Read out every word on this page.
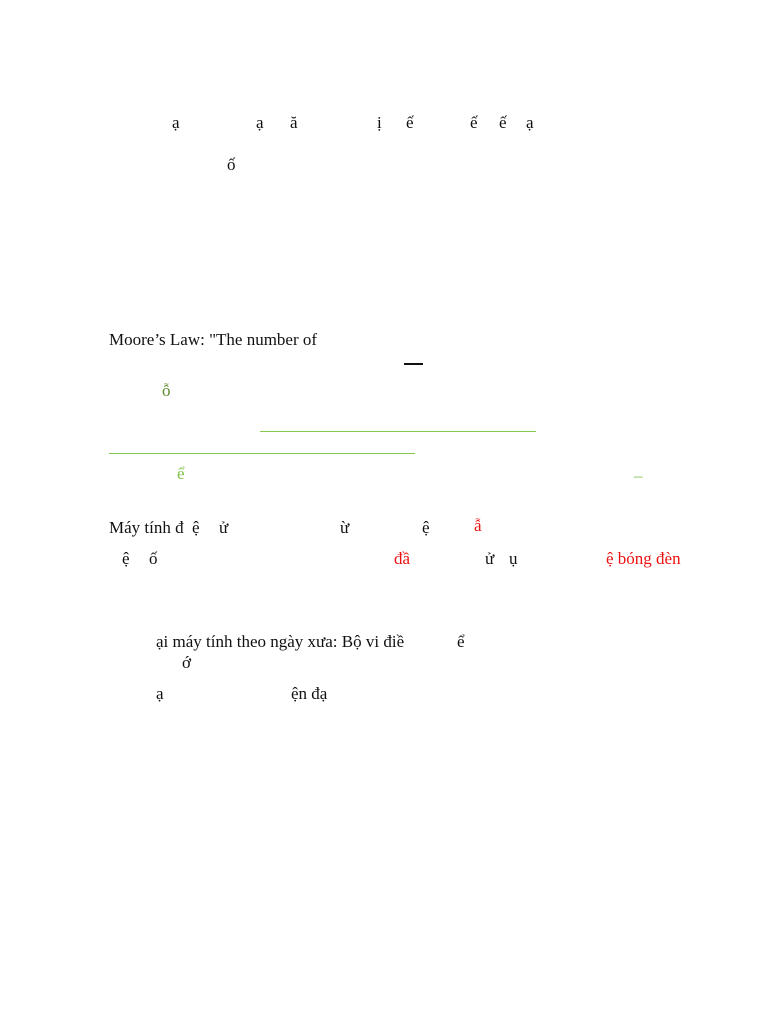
ạ	ạ ă	ị ế	ế ế ạ
ố
Moore’s Law: "The number of
ỗ
ể	–
Máy tính đ ệ ử	ừ	ệ	ẫ
ệ ố	đầ	ử ụ	ệ bóng đèn
ại máy tính theo ngày xưa: Bộ vi điề	ể
ớ
ạ	ện đạ
